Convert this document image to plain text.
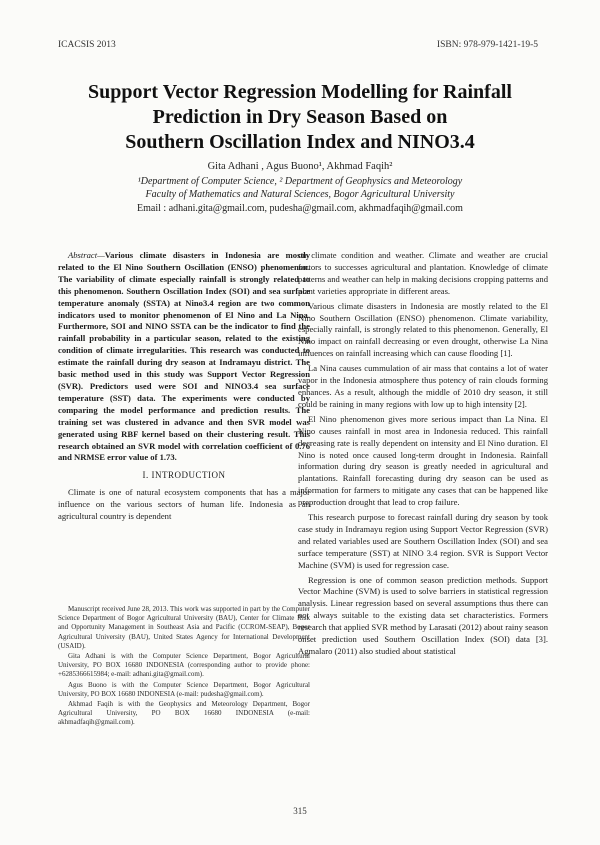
ICACSIS 2013	ISBN: 978-979-1421-19-5
Support Vector Regression Modelling for Rainfall
Prediction in Dry Season Based on
Southern Oscillation Index and NINO3.4
Gita Adhani , Agus Buono¹, Akhmad Faqih²
¹Department of Computer Science, ² Department of Geophysics and Meteorology
Faculty of Mathematics and Natural Sciences, Bogor Agricultural University
Email : adhani.gita@gmail.com, pudesha@gmail.com, akhmadfaqih@gmail.com

Abstract—Various climate disasters in Indonesia are mostly related to the El Nino Southern Oscillation (ENSO) phenomenon. The variability of climate especially rainfall is strongly related to this phenomenon. Southern Oscillation Index (SOI) and sea surface temperature anomaly (SSTA) at Nino3.4 region are two common indicators used to monitor phenomenon of El Nino and La Nina. Furthermore, SOI and NINO SSTA can be the indicator to find the rainfall probability in a particular season, related to the existing condition of climate irregularities. This research was conducted to estimate the rainfall during dry season at Indramayu district. The basic method used in this study was Support Vector Regression (SVR). Predictors used were SOI and NINO3.4 sea surface temperature (SST) data. The experiments were conducted by comparing the model performance and prediction results. The training set was clustered in advance and then SVR model was generated using RBF kernel based on their clustering result. This research obtained an SVR model with correlation coefficient of 0.76 and NRMSE error value of 1.73.

I. INTRODUCTION

Climate is one of natural ecosystem components that has a major influence on the various sectors of human life. Indonesia as an agricultural country is dependent

Manuscript received June 28, 2013. This work was supported in part by the Computer Science Department of Bogor Agricultural University (BAU), Center for Climate Risk and Opportunity Management in Southeast Asia and Pacific (CCROM-SEAP), Bogor Agricultural University (BAU), United States Agency for International Development (USAID).

Gita Adhani is with the Computer Science Department, Bogor Agricultural University, PO BOX 16680 INDONESIA (corresponding author to provide phone: +6285366615984; e-mail: adhani.gita@gmail.com).

Agus Buono is with the Computer Science Department, Bogor Agricultural University, PO BOX 16680 INDONESIA (e-mail: pudesha@gmail.com).

Akhmad Faqih is with the Geophysics and Meteorology Department, Bogor Agricultural University, PO BOX 16680 INDONESIA (e-mail: akhmadfaqih@gmail.com).

on climate condition and weather. Climate and weather are crucial factors to successes agricultural and plantation. Knowledge of climate patterns and weather can help in making decisions cropping patterns and plant varieties appropriate in different areas.

Various climate disasters in Indonesia are mostly related to the El Nino Southern Oscillation (ENSO) phenomenon. Climate variability, especially rainfall, is strongly related to this phenomenon. Generally, El Nino impact on rainfall decreasing or even drought, otherwise La Nina influences on rainfall increasing which can cause flooding [1].

La Nina causes cummulation of air mass that contains a lot of water vapor in the Indonesia atmosphere thus potency of rain clouds forming enhances. As a result, although the middle of 2010 dry season, it still could be raining in many regions with low up to high intensity [2].

El Nino phenomenon gives more serious impact than La Nina. El Nino causes rainfall in most area in Indonesia reduced. This rainfall decreasing rate is really dependent on intensity and El Nino duration. El Nino is noted once caused long-term drought in Indonesia. Rainfall information during dry season is greatly needed in agricultural and plantations. Rainfall forecasting during dry season can be used as information for farmers to mitigate any cases that can be happened like preproduction drought that lead to crop failure.

This research purpose to forecast rainfall during dry season by took case study in Indramayu region using Support Vector Regression (SVR) and related variables used are Southern Oscillation Index (SOI) and sea surface temperature (SST) at NINO 3.4 region. SVR is Support Vector Machine (SVM) is used for regression case.

Regression is one of common season prediction methods. Support Vector Machine (SVM) is used to solve barriers in statistical regression analysis. Linear regression based on several assumptions thus there can not always suitable to the existing data set characteristics. Formers research that applied SVR method by Larasati (2012) about rainy season onset prediction used Southern Oscillation Index (SOI) data [3]. Agmalaro (2011) also studied about statistical

315
